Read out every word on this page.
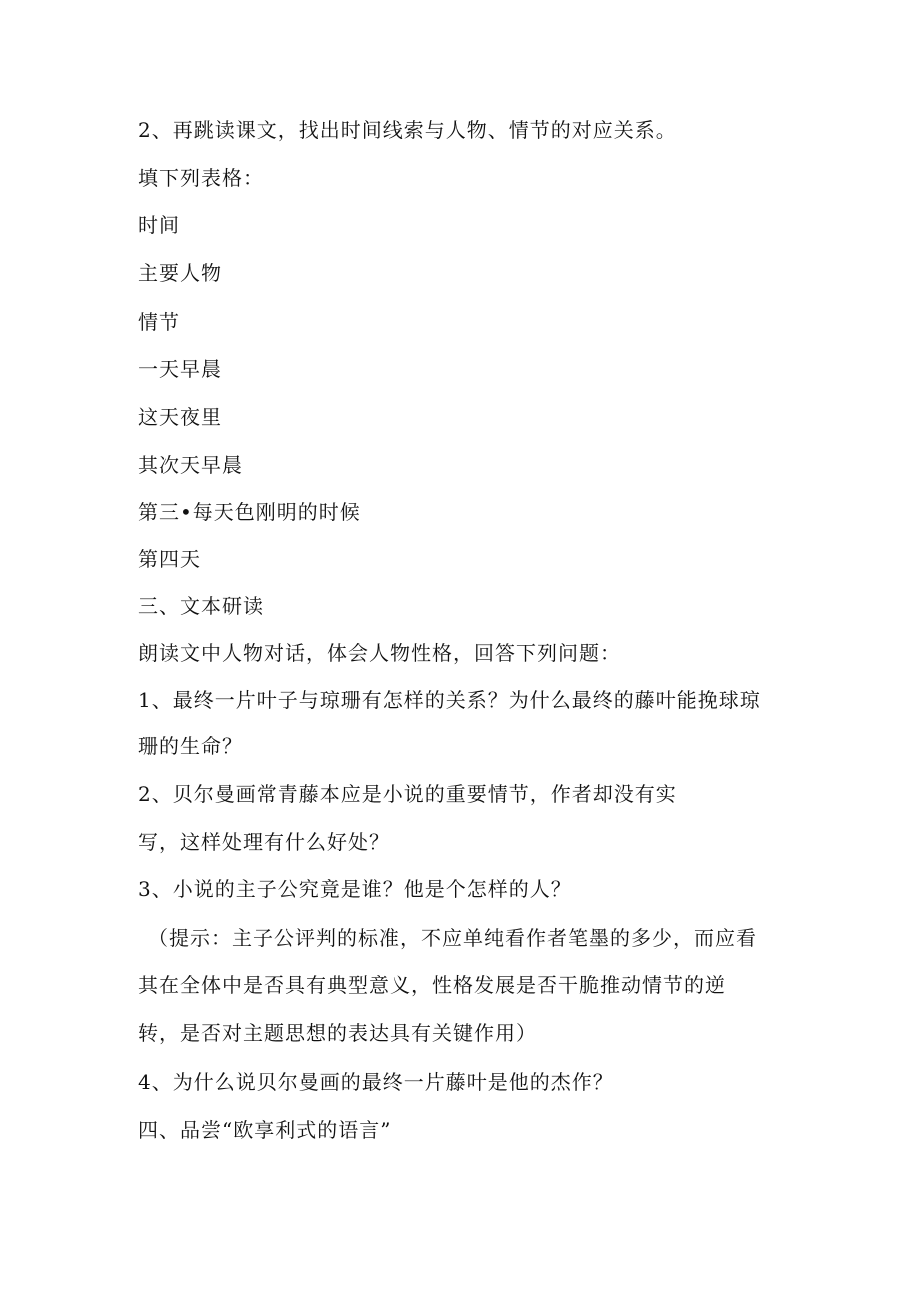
2、再跳读课文，找出时间线索与人物、情节的对应关系。
填下列表格：
时间
主要人物
情节
一天早晨
这天夜里
其次天早晨
第三•每天色刚明的时候
第四天
三、文本研读
朗读文中人物对话，体会人物性格，回答下列问题：
1、最终一片叶子与琼珊有怎样的关系？为什么最终的藤叶能挽球琼
珊的生命？
2、贝尔曼画常青藤本应是小说的重要情节，作者却没有实
写，这样处理有什么好处？
3、小说的主子公究竟是谁？他是个怎样的人？
（提示：主子公评判的标准，不应单纯看作者笔墨的多少，而应看
其在全体中是否具有典型意义，性格发展是否干脆推动情节的逆
转，是否对主题思想的表达具有关键作用）
4、为什么说贝尔曼画的最终一片藤叶是他的杰作？
四、品尝“欧享利式的语言”
